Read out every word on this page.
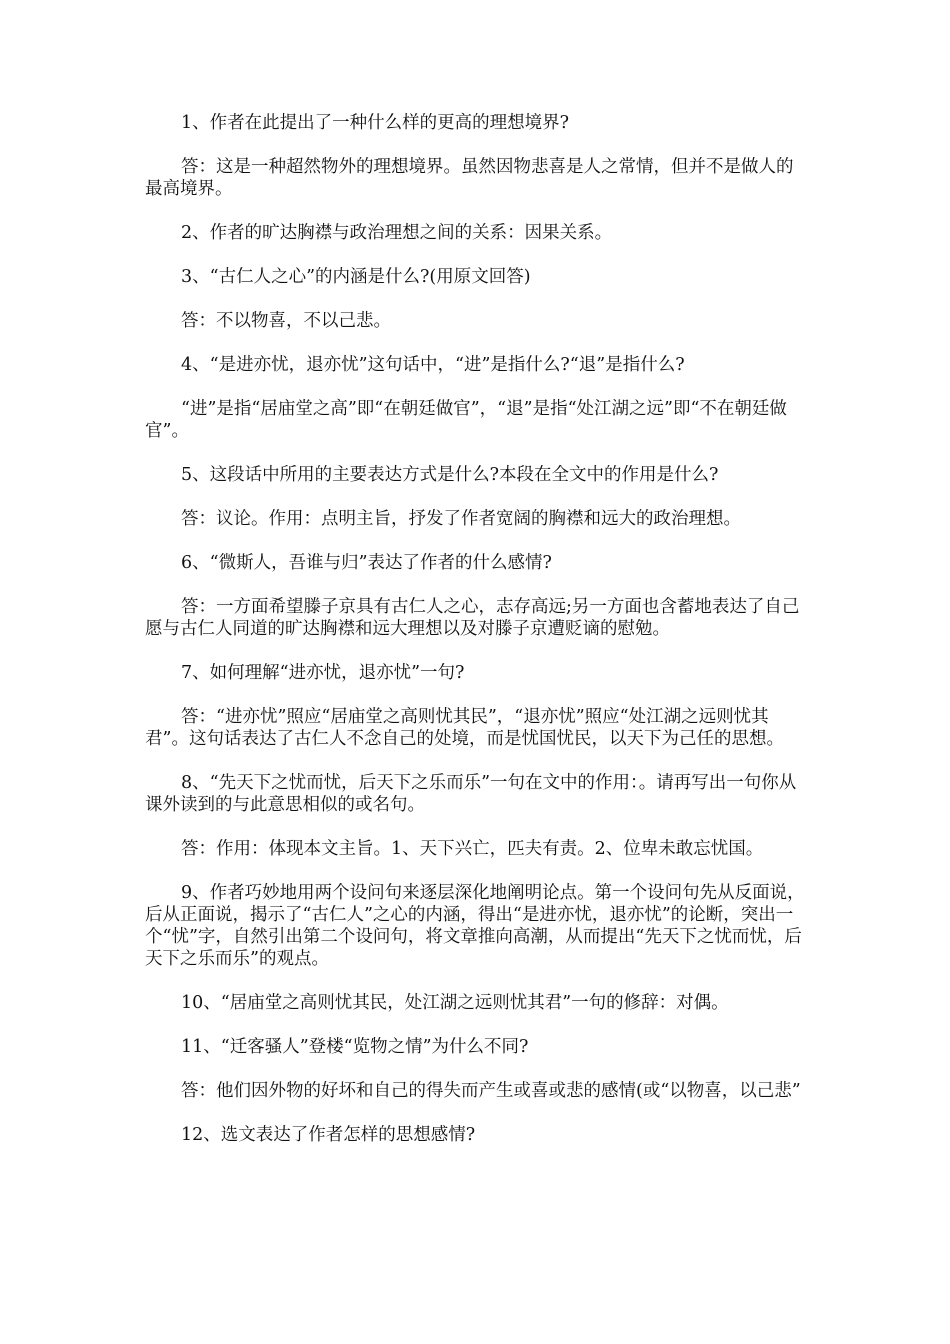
1、作者在此提出了一种什么样的更高的理想境界?

答：这是一种超然物外的理想境界。虽然因物悲喜是人之常情，但并不是做人的最高境界。

2、作者的旷达胸襟与政治理想之间的关系：因果关系。

3、“古仁人之心”的内涵是什么?(用原文回答)

答：不以物喜，不以己悲。

4、“是进亦忧，退亦忧”这句话中，“进”是指什么?“退”是指什么?

“进”是指“居庙堂之高”即“在朝廷做官”，“退”是指“处江湖之远”即“不在朝廷做官”。

5、这段话中所用的主要表达方式是什么?本段在全文中的作用是什么?

答：议论。作用：点明主旨，抒发了作者宽阔的胸襟和远大的政治理想。

6、“微斯人，吾谁与归”表达了作者的什么感情?

答：一方面希望滕子京具有古仁人之心，志存高远;另一方面也含蓄地表达了自己愿与古仁人同道的旷达胸襟和远大理想以及对滕子京遭贬谪的慰勉。

7、如何理解“进亦忧，退亦忧”一句?

答：“进亦忧”照应“居庙堂之高则忧其民”，“退亦忧”照应“处江湖之远则忧其君”。这句话表达了古仁人不念自己的处境，而是忧国忧民，以天下为己任的思想。

8、“先天下之忧而忧，后天下之乐而乐”一句在文中的作用：。请再写出一句你从课外读到的与此意思相似的或名句。

答：作用：体现本文主旨。1、天下兴亡，匹夫有责。2、位卑未敢忘忧国。

9、作者巧妙地用两个设问句来逐层深化地阐明论点。第一个设问句先从反面说，后从正面说，揭示了“古仁人”之心的内涵，得出“是进亦忧，退亦忧”的论断，突出一个“忧”字，自然引出第二个设问句，将文章推向高潮，从而提出“先天下之忧而忧，后天下之乐而乐”的观点。

10、“居庙堂之高则忧其民，处江湖之远则忧其君”一句的修辞：对偶。

11、“迁客骚人”登楼“览物之情”为什么不同?

答：他们因外物的好坏和自己的得失而产生或喜或悲的感情(或“以物喜，以己悲”

12、选文表达了作者怎样的思想感情?
